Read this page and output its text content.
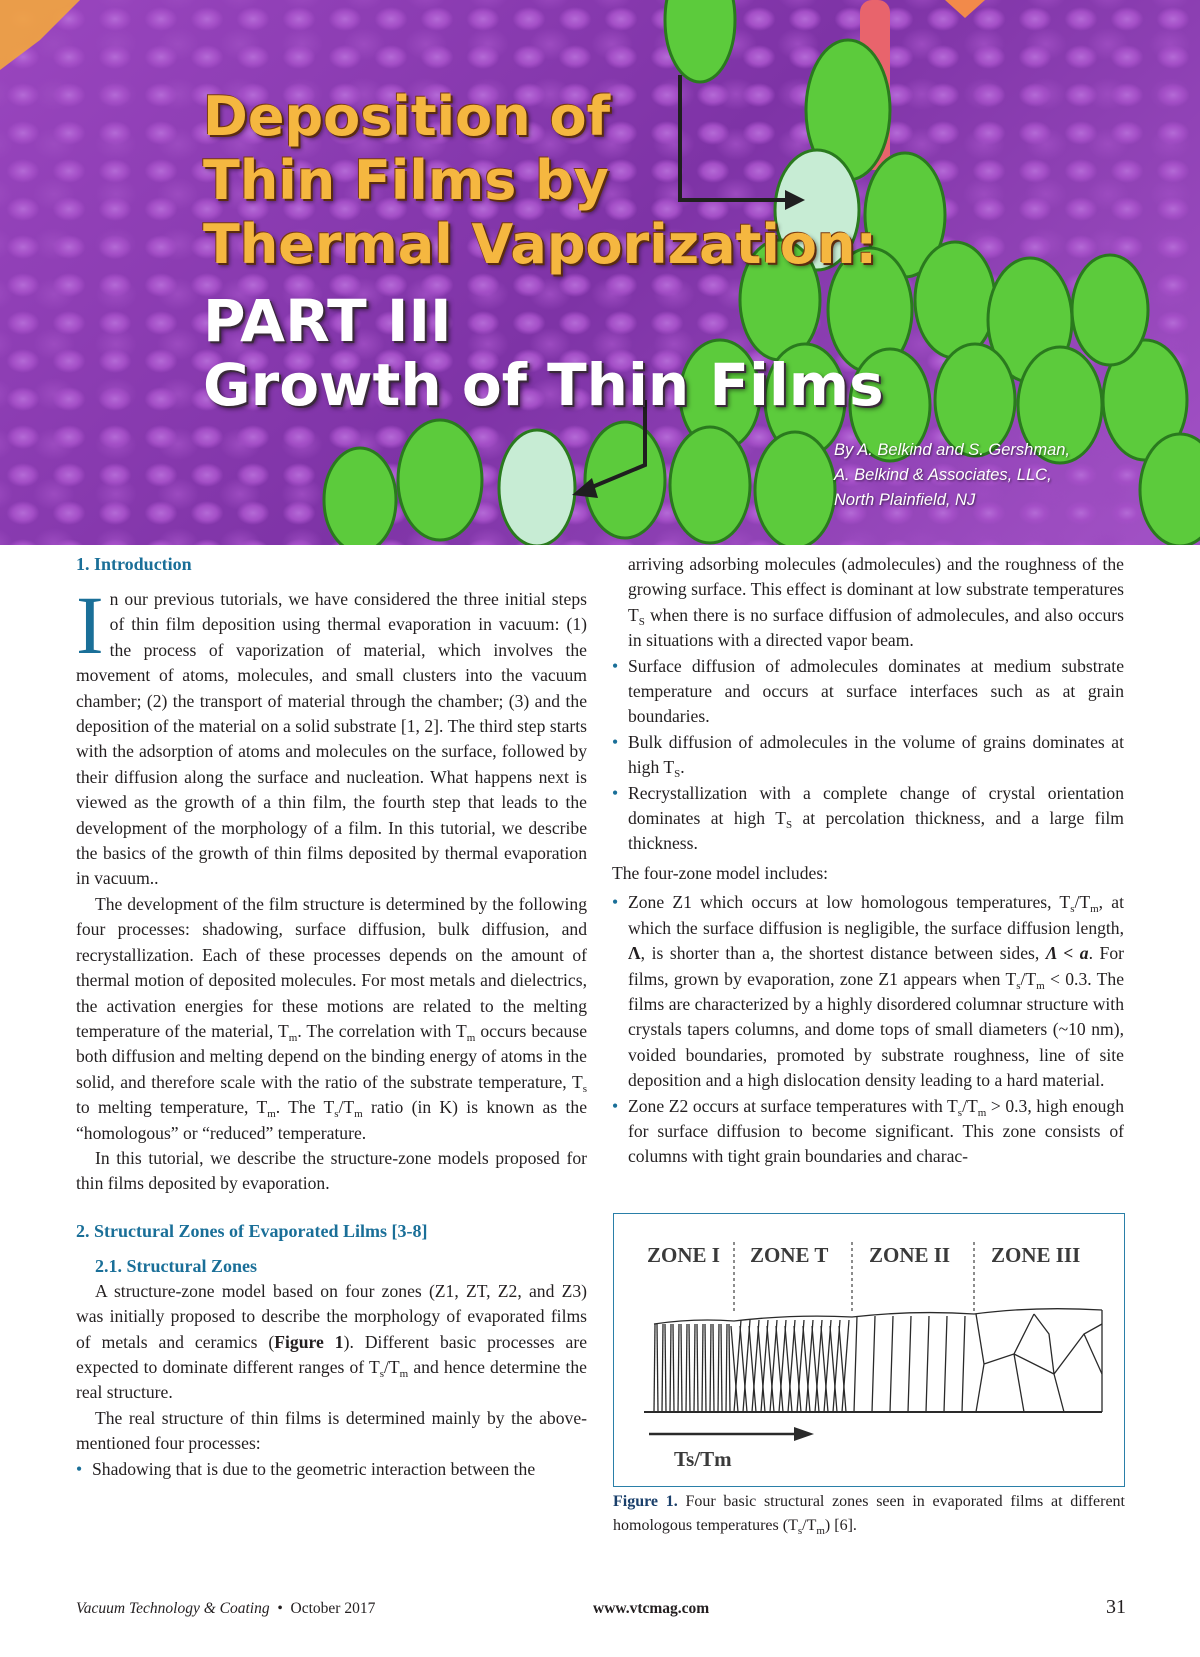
Deposition of
Thin Films by
Thermal Vaporization:
PART III
Growth of Thin Films
By A. Belkind and S. Gershman,
A. Belkind & Associates, LLC,
North Plainfield, NJ
1. Introduction

In our previous tutorials, we have considered the three initial steps of thin film deposition using thermal evaporation in vacuum: (1) the process of vaporization of material, which involves the movement of atoms, molecules, and small clusters into the vacuum chamber; (2) the transport of material through the chamber; (3) and the deposition of the material on a solid substrate [1, 2]. The third step starts with the adsorption of atoms and molecules on the surface, followed by their diffusion along the surface and nucleation. What happens next is viewed as the growth of a thin film, the fourth step that leads to the development of the morphology of a film. In this tutorial, we describe the basics of the growth of thin films deposited by thermal evaporation in vacuum..

The development of the film structure is determined by the following four processes: shadowing, surface diffusion, bulk diffusion, and recrystallization. Each of these processes depends on the amount of thermal motion of deposited molecules. For most metals and dielectrics, the activation energies for these motions are related to the melting temperature of the material, $T_m$. The correlation with $T_m$ occurs because both diffusion and melting depend on the binding energy of atoms in the solid, and therefore scale with the ratio of the substrate temperature, $T_s$ to melting temperature, $T_m$. The $T_s/T_m$ ratio (in K) is known as the “homologous” or “reduced” temperature.

In this tutorial, we describe the structure-zone models proposed for thin films deposited by evaporation.

2. Structural Zones of Evaporated Lilms [3-8]
2.1. Structural Zones

A structure-zone model based on four zones (Z1, ZT, Z2, and Z3) was initially proposed to describe the morphology of evaporated films of metals and ceramics (Figure 1). Different basic processes are expected to dominate different ranges of $T_s/T_m$ and hence determine the real structure.

The real structure of thin films is determined mainly by the above-mentioned four processes:

• Shadowing that is due to the geometric interaction between the

arriving adsorbing molecules (admolecules) and the roughness of the growing surface. This effect is dominant at low substrate temperatures $T_S$ when there is no surface diffusion of admolecules, and also occurs in situations with a directed vapor beam.

• Surface diffusion of admolecules dominates at medium substrate temperature and occurs at surface interfaces such as at grain boundaries.
• Bulk diffusion of admolecules in the volume of grains dominates at high $T_S$.
• Recrystallization with a complete change of crystal orientation dominates at high $T_S$ at percolation thickness, and a large film thickness.

The four-zone model includes:

• Zone Z1 which occurs at low homologous temperatures, $T_s/T_m$, at which the surface diffusion is negligible, the surface diffusion length, Λ, is shorter than a, the shortest distance between sides, Λ < a. For films, grown by evaporation, zone Z1 appears when $T_s/T_m < 0.3$. The films are characterized by a highly disordered columnar structure with crystals tapers columns, and dome tops of small diameters (~10 nm), voided boundaries, promoted by substrate roughness, line of site deposition and a high dislocation density leading to a hard material.
• Zone Z2 occurs at surface temperatures with $T_s/T_m > 0.3$, high enough for surface diffusion to become significant. This zone consists of columns with tight grain boundaries and charac-
ZONE I ZONE T ZONE II ZONE III
Ts/Tm
Figure 1. Four basic structural zones seen in evaporated films at different homologous temperatures $(T_s/T_m)$ [6].
Vacuum Technology & Coating • October 2017	www.vtcmag.com	31
